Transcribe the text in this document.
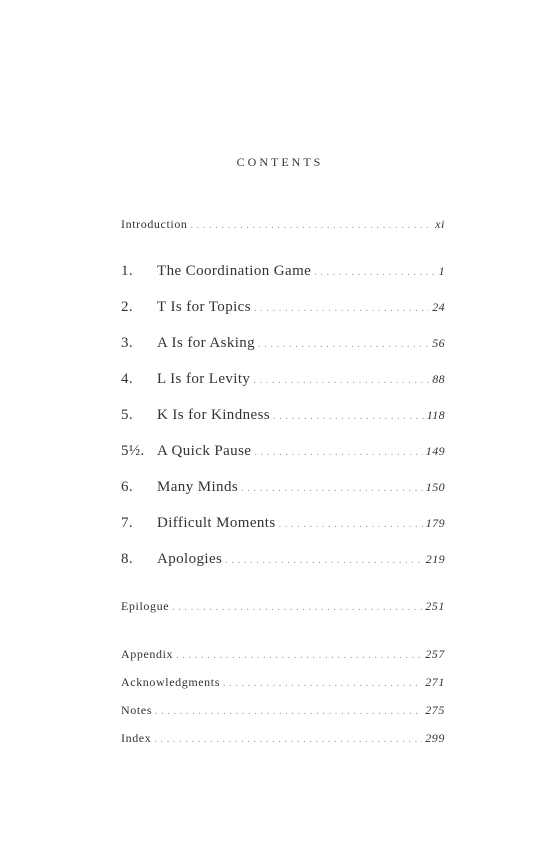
CONTENTS
Introduction . . .	xi
1.	The Coordination Game . . .	1
2.	T Is for Topics . . .	24
3.	A Is for Asking . . .	56
4.	L Is for Levity . . .	88
5.	K Is for Kindness . . .	118
5½. A Quick Pause . . .	149
6.	Many Minds . . .	150
7.	Difficult Moments . . .	179
8.	Apologies . . .	219
Epilogue . . .	251
Appendix . . .	257
Acknowledgments . . .	271
Notes . . .	275
Index . . .	299
